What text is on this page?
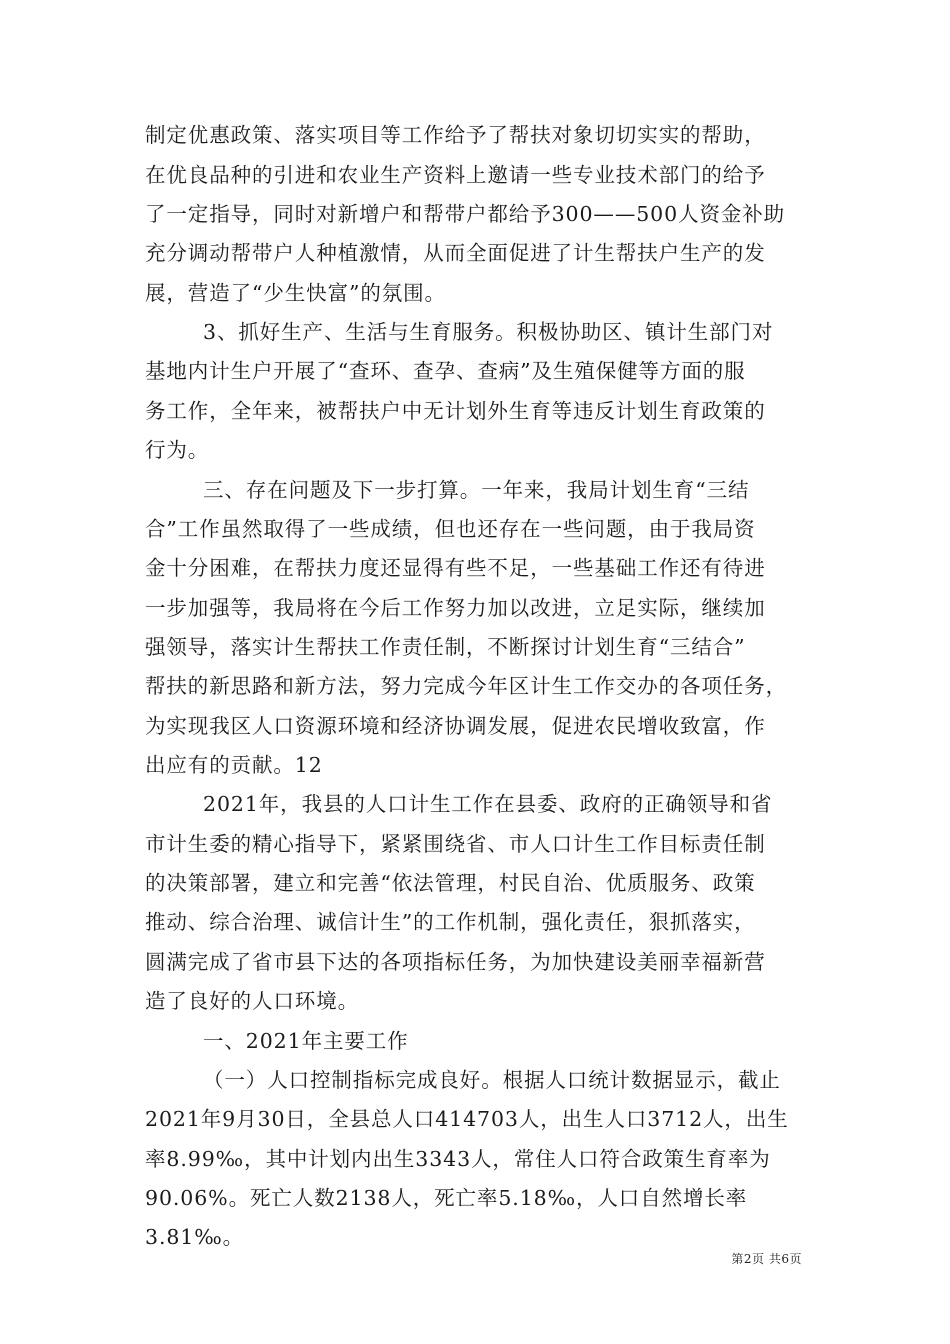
制定优惠政策、落实项目等工作给予了帮扶对象切切实实的帮助，
在优良品种的引进和农业生产资料上邀请一些专业技术部门的给予
了一定指导，同时对新增户和帮带户都给予300——500人资金补助
充分调动帮带户人种植激情，从而全面促进了计生帮扶户生产的发
展，营造了“少生快富”的氛围。
3、抓好生产、生活与生育服务。积极协助区、镇计生部门对
基地内计生户开展了“查环、查孕、查病”及生殖保健等方面的服
务工作，全年来，被帮扶户中无计划外生育等违反计划生育政策的
行为。
三、存在问题及下一步打算。一年来，我局计划生育“三结
合”工作虽然取得了一些成绩，但也还存在一些问题，由于我局资
金十分困难，在帮扶力度还显得有些不足，一些基础工作还有待进
一步加强等，我局将在今后工作努力加以改进，立足实际，继续加
强领导，落实计生帮扶工作责任制，不断探讨计划生育“三结合”
帮扶的新思路和新方法，努力完成今年区计生工作交办的各项任务，
为实现我区人口资源环境和经济协调发展，促进农民增收致富，作
出应有的贡献。12
2021年，我县的人口计生工作在县委、政府的正确领导和省
市计生委的精心指导下，紧紧围绕省、市人口计生工作目标责任制
的决策部署，建立和完善“依法管理，村民自治、优质服务、政策
推动、综合治理、诚信计生”的工作机制，强化责任，狠抓落实，
圆满完成了省市县下达的各项指标任务，为加快建设美丽幸福新营
造了良好的人口环境。
一、2021年主要工作
（一）人口控制指标完成良好。根据人口统计数据显示，截止
2021年9月30日，全县总人口414703人，出生人口3712人，出生
率8.99‰，其中计划内出生3343人，常住人口符合政策生育率为
90.06%。死亡人数2138人，死亡率5.18‰，人口自然增长率
3.81‰。
第2页 共6页
